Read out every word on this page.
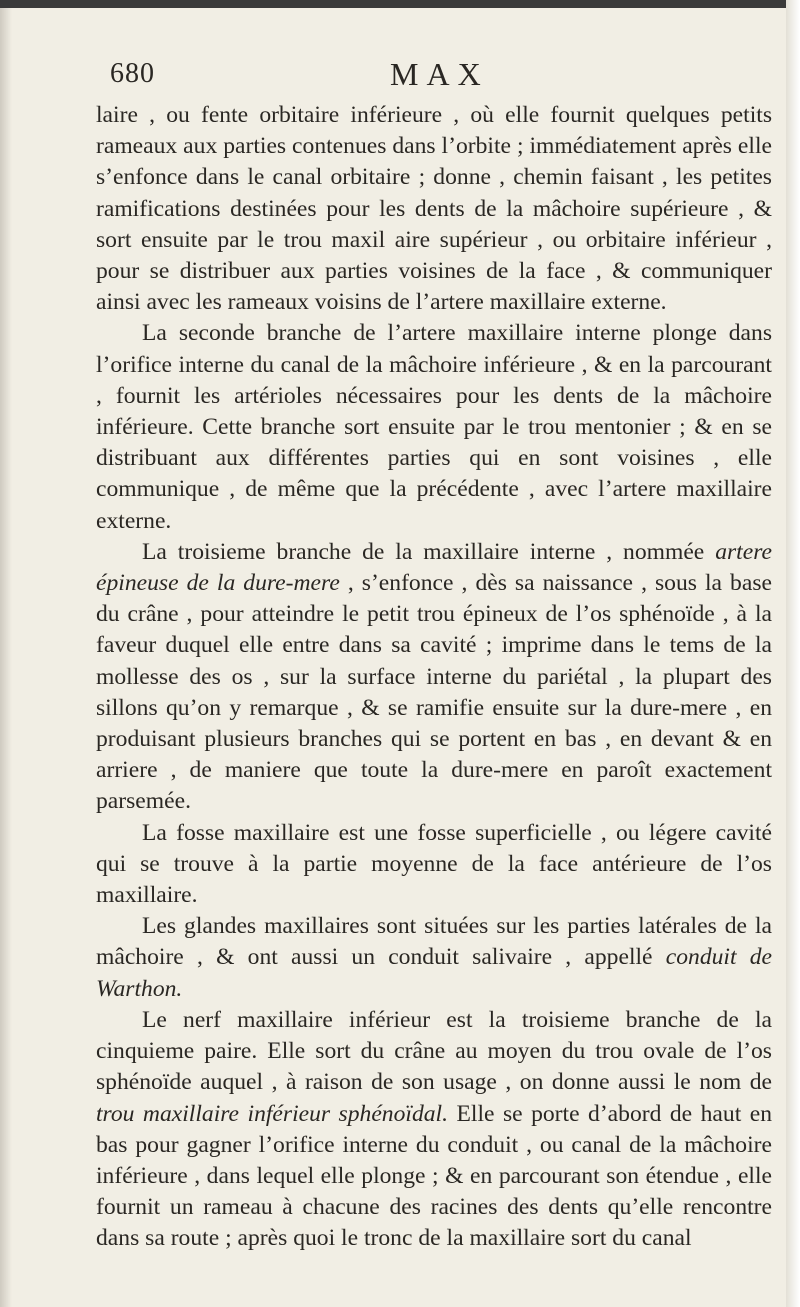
680	MAX

laire , ou fente orbitaire inférieure , où elle fournit quelques petits rameaux aux parties contenues dans l’orbite ; immédiatement après elle s’enfonce dans le canal orbitaire ; donne , chemin faisant , les petites ramifications destinées pour les dents de la mâchoire supérieure , & sort ensuite par le trou maxil aire supérieur , ou orbitaire inférieur , pour se distribuer aux parties voisines de la face , & communiquer ainsi avec les rameaux voisins de l’artere maxillaire externe.

La seconde branche de l’artere maxillaire interne plonge dans l’orifice interne du canal de la mâchoire inférieure , & en la parcourant , fournit les artérioles nécessaires pour les dents de la mâchoire inférieure. Cette branche sort ensuite par le trou mentonier ; & en se distribuant aux différentes parties qui en sont voisines , elle communique , de même que la précédente , avec l’artere maxillaire externe.

La troisieme branche de la maxillaire interne , nommée artere épineuse de la dure-mere , s’enfonce , dès sa naissance , sous la base du crâne , pour atteindre le petit trou épineux de l’os sphénoïde , à la faveur duquel elle entre dans sa cavité ; imprime dans le tems de la mollesse des os , sur la surface interne du pariétal , la plupart des sillons qu’on y remarque , & se ramifie ensuite sur la dure-mere , en produisant plusieurs branches qui se portent en bas , en devant & en arriere , de maniere que toute la dure-mere en paroît exactement parsemée.

La fosse maxillaire est une fosse superficielle , ou légere cavité qui se trouve à la partie moyenne de la face antérieure de l’os maxillaire.

Les glandes maxillaires sont situées sur les parties latérales de la mâchoire , & ont aussi un conduit salivaire , appellé conduit de Warthon.

Le nerf maxillaire inférieur est la troisieme branche de la cinquieme paire. Elle sort du crâne au moyen du trou ovale de l’os sphénoïde auquel , à raison de son usage , on donne aussi le nom de trou maxillaire inférieur sphénoïdal. Elle se porte d’abord de haut en bas pour gagner l’orifice interne du conduit , ou canal de la mâchoire inférieure , dans lequel elle plonge ; & en parcourant son étendue , elle fournit un rameau à chacune des racines des dents qu’elle rencontre dans sa route ; après quoi le tronc de la maxillaire sort du canal
